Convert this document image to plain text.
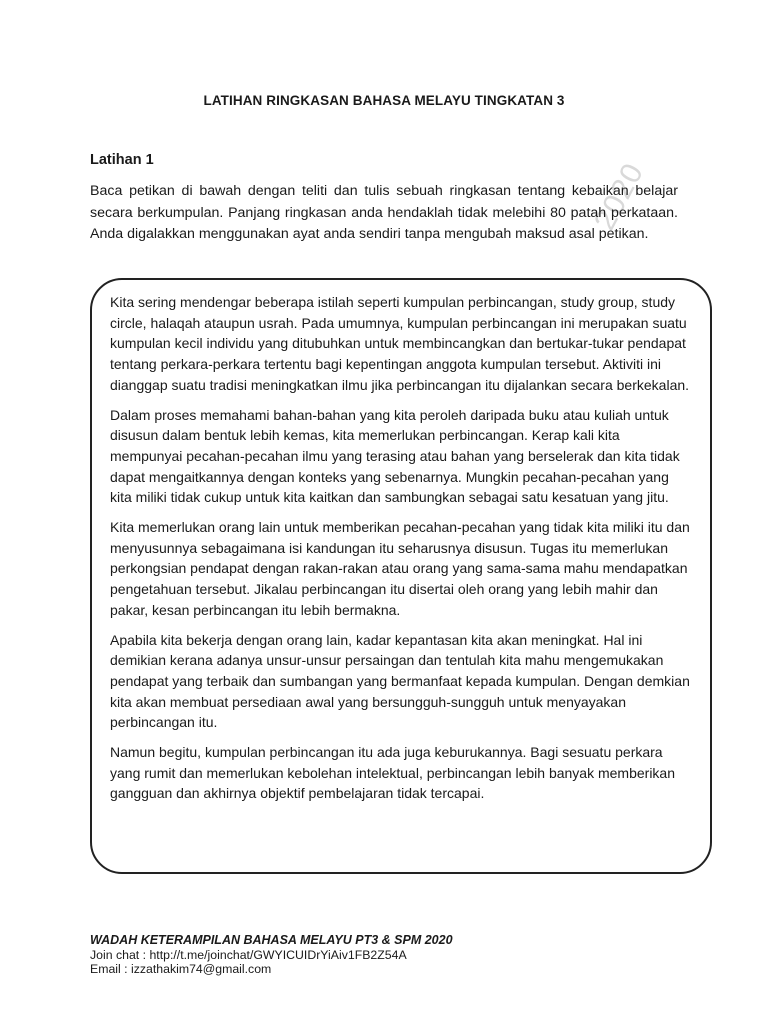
2020
LATIHAN RINGKASAN BAHASA MELAYU TINGKATAN 3
Latihan 1

Baca petikan di bawah dengan teliti dan tulis sebuah ringkasan tentang kebaikan belajar secara berkumpulan. Panjang ringkasan anda hendaklah tidak melebihi 80 patah perkataan. Anda digalakkan menggunakan ayat anda sendiri tanpa mengubah maksud asal petikan.

Kita sering mendengar beberapa istilah seperti kumpulan perbincangan, study group, study circle, halaqah ataupun usrah. Pada umumnya, kumpulan perbincangan ini merupakan suatu kumpulan kecil individu yang ditubuhkan untuk membincangkan dan bertukar-tukar pendapat tentang perkara-perkara tertentu bagi kepentingan anggota kumpulan tersebut. Aktiviti ini dianggap suatu tradisi meningkatkan ilmu jika perbincangan itu dijalankan secara berkekalan.

Dalam proses memahami bahan-bahan yang kita peroleh daripada buku atau kuliah untuk disusun dalam bentuk lebih kemas, kita memerlukan perbincangan. Kerap kali kita mempunyai pecahan-pecahan ilmu yang terasing atau bahan yang berselerak dan kita tidak dapat mengaitkannya dengan konteks yang sebenarnya. Mungkin pecahan-pecahan yang kita miliki tidak cukup untuk kita kaitkan dan sambungkan sebagai satu kesatuan yang jitu.

Kita memerlukan orang lain untuk memberikan pecahan-pecahan yang tidak kita miliki itu dan menyusunnya sebagaimana isi kandungan itu seharusnya disusun. Tugas itu memerlukan perkongsian pendapat dengan rakan-rakan atau orang yang sama-sama mahu mendapatkan pengetahuan tersebut. Jikalau perbincangan itu disertai oleh orang yang lebih mahir dan pakar, kesan perbincangan itu lebih bermakna.

Apabila kita bekerja dengan orang lain, kadar kepantasan kita akan meningkat. Hal ini demikian kerana adanya unsur-unsur persaingan dan tentulah kita mahu mengemukakan pendapat yang terbaik dan sumbangan yang bermanfaat kepada kumpulan. Dengan demkian kita akan membuat persediaan awal yang bersungguh-sungguh untuk menyayakan perbincangan itu.

Namun begitu, kumpulan perbincangan itu ada juga keburukannya. Bagi sesuatu perkara yang rumit dan memerlukan kebolehan intelektual, perbincangan lebih banyak memberikan gangguan dan akhirnya objektif pembelajaran tidak tercapai.

WADAH KETERAMPILAN BAHASA MELAYU PT3 & SPM 2020
Join chat : http://t.me/joinchat/GWYICUIDrYiAiv1FB2Z54A
Email : izzathakim74@gmail.com
